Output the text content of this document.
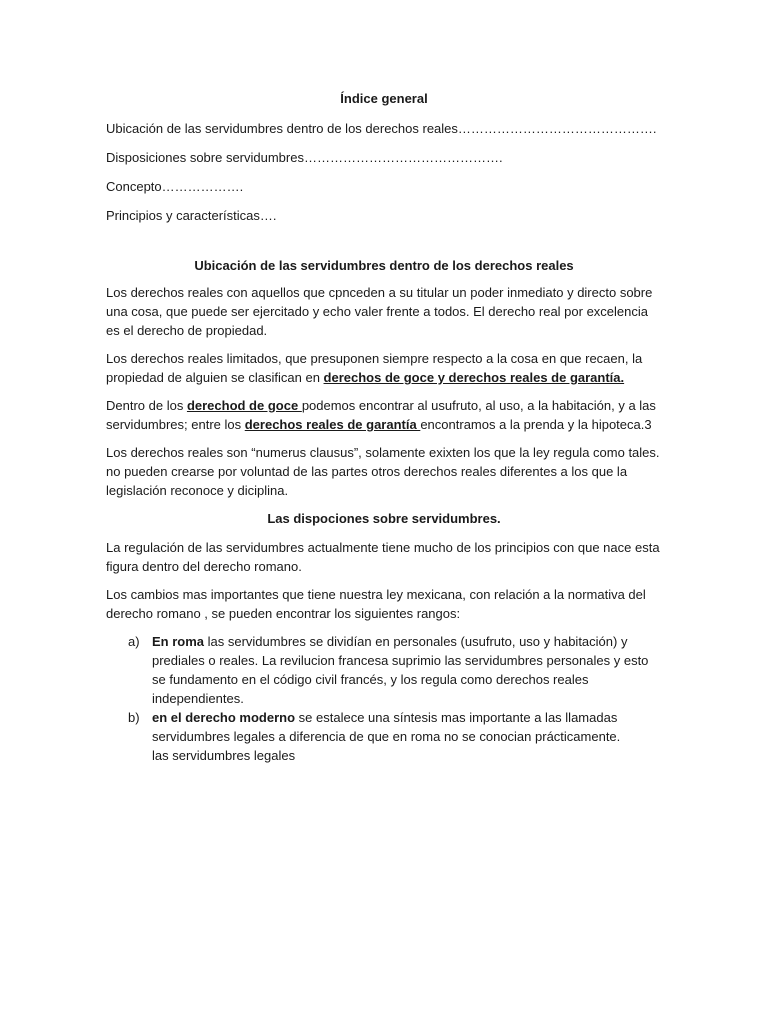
Índice general

Ubicación de las servidumbres dentro de los derechos reales……………………………………….

Disposiciones sobre servidumbres……………………………………….

Concepto……………….

Principios y características….

Ubicación de las servidumbres dentro de los derechos reales

Los derechos reales con aquellos que cpnceden a su titular un poder inmediato y directo sobre una cosa, que puede ser ejercitado y echo valer frente a todos. El derecho real por excelencia es el derecho de propiedad.

Los derechos reales limitados, que presuponen siempre respecto a la cosa en que recaen, la propiedad de alguien se clasifican en derechos de goce y derechos reales de garantía.

Dentro de los derechod de goce podemos encontrar al usufruto, al uso, a la habitación, y a las servidumbres; entre los derechos reales de garantía encontramos a la prenda y la hipoteca.3

Los derechos reales son “numerus clausus”, solamente exixten los que la ley regula como tales. no pueden crearse por voluntad de las partes otros derechos reales diferentes a los que la legislación reconoce y diciplina.

Las dispociones sobre servidumbres.

La regulación de las servidumbres actualmente tiene mucho de los principios con que nace esta figura dentro del derecho romano.

Los cambios mas importantes que tiene nuestra ley mexicana, con relación a la normativa del derecho romano , se pueden encontrar los siguientes rangos:

a) En roma las servidumbres se dividían en personales (usufruto, uso y habitación) y prediales o reales. La revilucion francesa suprimio las servidumbres personales y esto se fundamento en el código civil francés, y los regula como derechos reales independientes.
b) en el derecho moderno se estalece una síntesis mas importante a las llamadas servidumbres legales a diferencia de que en roma no se conocian prácticamente.
las servidumbres legales
